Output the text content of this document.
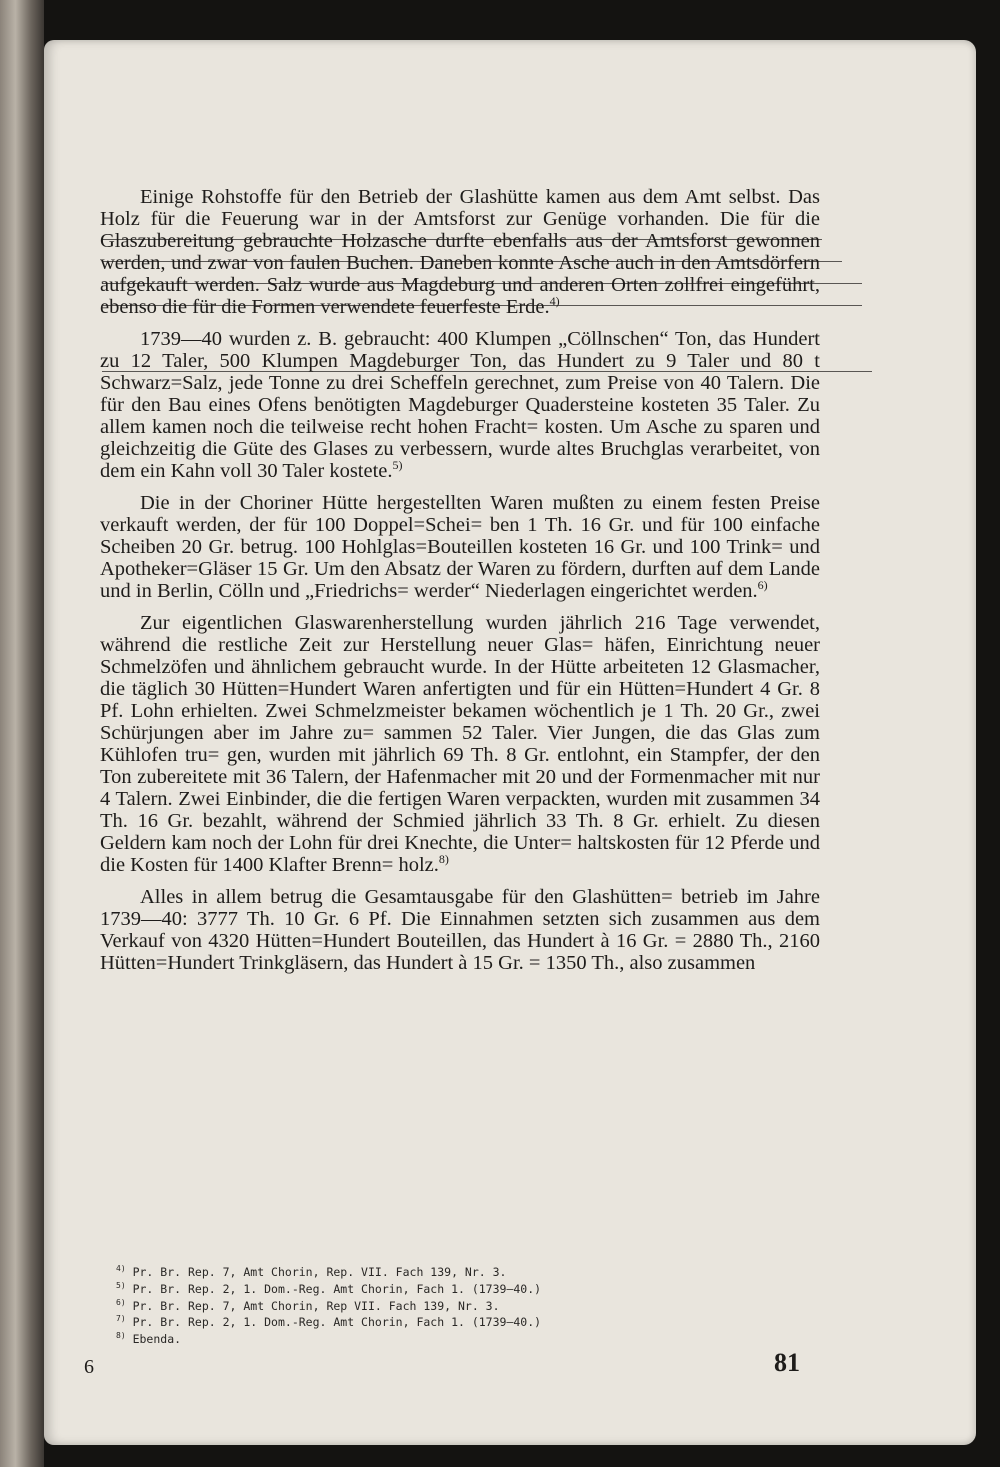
Einige Rohstoffe für den Betrieb der Glashütte kamen aus dem Amt selbst. Das Holz für die Feuerung war in der Amtsforst zur Genüge vorhanden. Die für die Glaszubereitung gebrauchte Holzasche durfte ebenfalls aus der Amtsforst gewonnen werden, und zwar von faulen Buchen. Daneben konnte Asche auch in den Amtsdörfern aufgekauft werden. Salz wurde aus Magdeburg und anderen Orten zollfrei eingeführt, ebenso die für die Formen verwendete feuerfeste Erde.$^{4)}$

1739—40 wurden z. B. gebraucht: 400 Klumpen „Cöllnschen“ Ton, das Hundert zu 12 Taler, 500 Klumpen Magdeburger Ton, das Hundert zu 9 Taler und 80 t Schwarz=Salz, jede Tonne zu drei Scheffeln gerechnet, zum Preise von 40 Talern. Die für den Bau eines Ofens benötigten Magdeburger Quadersteine kosteten 35 Taler. Zu allem kamen noch die teilweise recht hohen Fracht= kosten. Um Asche zu sparen und gleichzeitig die Güte des Glases zu verbessern, wurde altes Bruchglas verarbeitet, von dem ein Kahn voll 30 Taler kostete.$^{5)}$

Die in der Choriner Hütte hergestellten Waren mußten zu einem festen Preise verkauft werden, der für 100 Doppel=Schei= ben 1 Th. 16 Gr. und für 100 einfache Scheiben 20 Gr. betrug. 100 Hohlglas=Bouteillen kosteten 16 Gr. und 100 Trink= und Apotheker=Gläser 15 Gr. Um den Absatz der Waren zu fördern, durften auf dem Lande und in Berlin, Cölln und „Friedrichs= werder“ Niederlagen eingerichtet werden.$^{6)}$

Zur eigentlichen Glaswarenherstellung wurden jährlich 216 Tage verwendet, während die restliche Zeit zur Herstellung neuer Glas= häfen, Einrichtung neuer Schmelzöfen und ähnlichem gebraucht wurde. In der Hütte arbeiteten 12 Glasmacher, die täglich 30 Hütten=Hundert Waren anfertigten und für ein Hütten=Hundert 4 Gr. 8 Pf. Lohn erhielten. Zwei Schmelzmeister bekamen wöchentlich je 1 Th. 20 Gr., zwei Schürjungen aber im Jahre zu= sammen 52 Taler. Vier Jungen, die das Glas zum Kühlofen tru= gen, wurden mit jährlich 69 Th. 8 Gr. entlohnt, ein Stampfer, der den Ton zubereitete mit 36 Talern, der Hafenmacher mit 20 und der Formenmacher mit nur 4 Talern. Zwei Einbinder, die die fertigen Waren verpackten, wurden mit zusammen 34 Th. 16 Gr. bezahlt, während der Schmied jährlich 33 Th. 8 Gr. erhielt. Zu diesen Geldern kam noch der Lohn für drei Knechte, die Unter= haltskosten für 12 Pferde und die Kosten für 1400 Klafter Brenn= holz.$^{8)}$

Alles in allem betrug die Gesamtausgabe für den Glashütten= betrieb im Jahre 1739—40: 3777 Th. 10 Gr. 6 Pf. Die Einnahmen setzten sich zusammen aus dem Verkauf von 4320 Hütten=Hundert Bouteillen, das Hundert à 16 Gr. = 2880 Th., 2160 Hütten=Hundert Trinkgläsern, das Hundert à 15 Gr. = 1350 Th., also zusammen

$^{4)}$ Pr. Br. Rep. 7, Amt Chorin, Rep. VII. Fach 139, Nr. 3.
$^{5)}$ Pr. Br. Rep. 2, 1. Dom.-Reg. Amt Chorin, Fach 1. (1739—40.)
$^{6)}$ Pr. Br. Rep. 7, Amt Chorin, Rep VII. Fach 139, Nr. 3.
$^{7)}$ Pr. Br. Rep. 2, 1. Dom.-Reg. Amt Chorin, Fach 1. (1739—40.)
$^{8)}$ Ebenda.
6	81
